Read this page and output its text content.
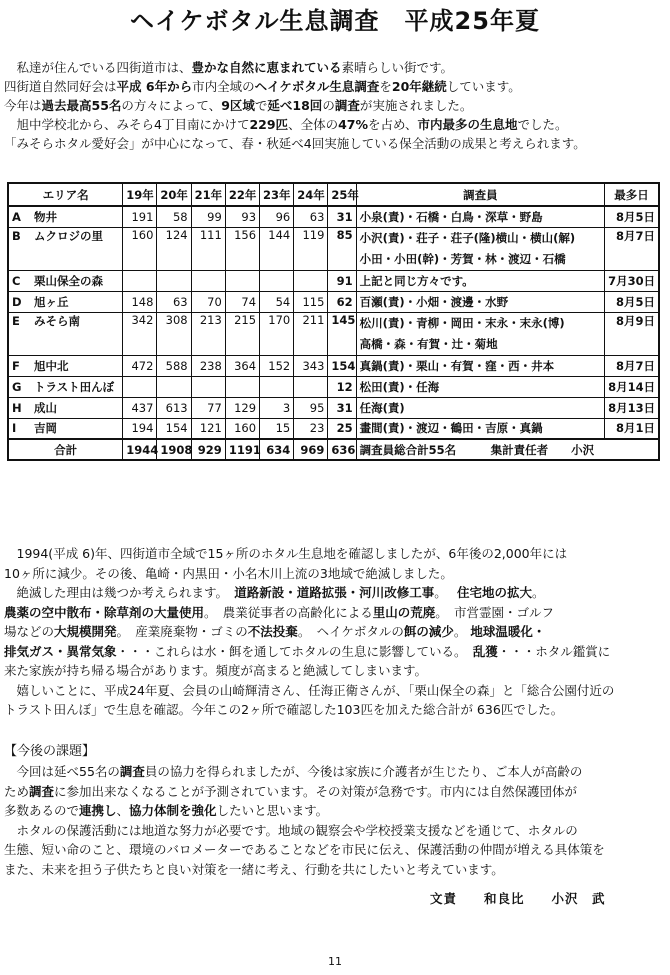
ヘイケボタル生息調査　平成25年夏

　私達が住んでいる四街道市は、豊かな自然に恵まれている素晴らしい街です。

四街道自然同好会は平成 6年から市内全域のヘイケボタル生息調査を20年継続しています。

今年は過去最高55名の方々によって、9区域で延べ18回の調査が実施されました。

　旭中学校北から、みそら4丁目南にかけて229匹、全体の47%を占め、市内最多の生息地でした。

「みそらホタル愛好会」が中心になって、春・秋延べ4回実施している保全活動の成果と考えられます。

エリア名	19年	20年	21年	22年	23年	24年	25年	調査員	最多日
A 物井	191	58	99	93	96	63	31	小泉(責)・石橋・白鳥・深草・野島	8月5日
B ムクロジの里	160	124	111	156	144	119	85	小沢(責)・荘子・荘子(隆)横山・横山(解)
小田・小田(幹)・芳賀・林・渡辺・石橋	8月7日
C 栗山保全の森							91	上記と同じ方々です。	7月30日
D 旭ヶ丘	148	63	70	74	54	115	62	百瀬(責)・小畑・渡邊・水野	8月5日
E みそら南	342	308	213	215	170	211	145	松川(責)・青柳・岡田・末永・末永(博)
高橋・森・有賀・辻・菊地	8月9日
F 旭中北	472	588	238	364	152	343	154	真鍋(責)・栗山・有賀・窪・西・井本	8月7日
G トラスト田んぼ							12	松田(責)・任海	8月14日
H 成山	437	613	77	129	3	95	31	任海(責)	8月13日
I 吉岡	194	154	121	160	15	23	25	畫間(責)・渡辺・鶴田・吉原・真鍋	8月1日
合計	1944	1908	929	1191	634	969	636	調査員総合計55名　　　集計責任者　　小沢	

　1994(平成 6)年、四街道市全域で15ヶ所のホタル生息地を確認しましたが、6年後の2,000年には

10ヶ所に減少。その後、亀崎・内黒田・小名木川上流の3地域で絶滅しました。

　絶滅した理由は幾つか考えられます。　道路新設・道路拡張・河川改修工事。　 住宅地の拡大。

農薬の空中散布・除草剤の大量使用。　農業従事者の高齢化による里山の荒廃。　市営霊園・ゴルフ

場などの大規模開発。　産業廃棄物・ゴミの不法投棄。　ヘイケボタルの餌の減少。 地球温暖化・

排気ガス・異常気象・・・これらは水・餌を通してホタルの生息に影響している。　乱獲・・・ホタル鑑賞に

来た家族が持ち帰る場合があります。頻度が高まると絶滅してしまいます。

　嬉しいことに、平成24年夏、会員の山崎輝清さん、任海正衛さんが、「栗山保全の森」と「総合公園付近の

トラスト田んぼ」で生息を確認。今年この2ヶ所で確認した103匹を加えた総合計が 636匹でした。

【今後の課題】

　今回は延べ55名の調査員の協力を得られましたが、今後は家族に介護者が生じたり、ご本人が高齢の

ため調査に参加出来なくなることが予測されています。その対策が急務です。市内には自然保護団体が

多数あるので連携し、協力体制を強化したいと思います。

　ホタルの保護活動には地道な努力が必要です。地域の観察会や学校授業支援などを通じて、ホタルの

生態、短い命のこと、環境のバロメーターであることなどを市民に伝え、保護活動の仲間が増える具体策を

また、未来を担う子供たちと良い対策を一緒に考え、行動を共にしたいと考えています。

文責　　和良比　　小沢　武
11
